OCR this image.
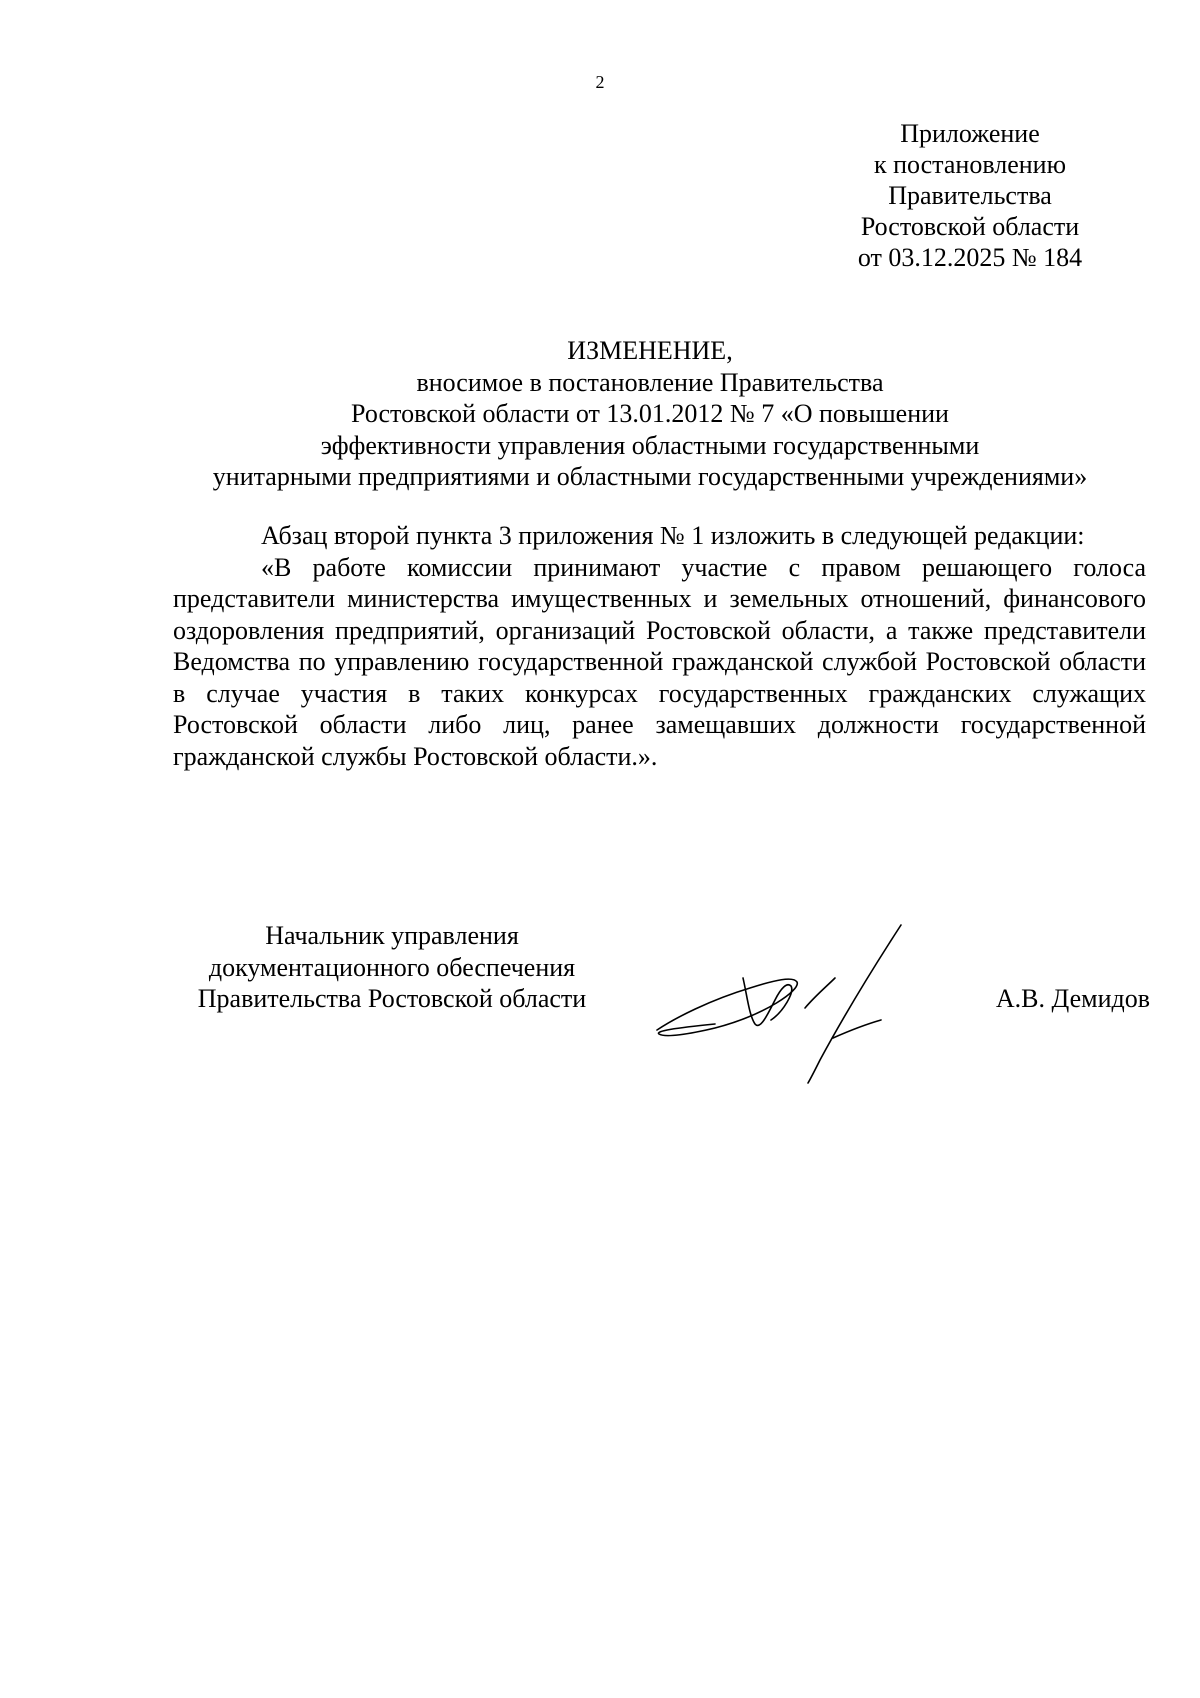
2
Приложение
к постановлению
Правительства
Ростовской области
от 03.12.2025 № 184
ИЗМЕНЕНИЕ,
вносимое в постановление Правительства
Ростовской области от 13.01.2012 № 7 «О повышении
эффективности управления областными государственными
унитарными предприятиями и областными государственными учреждениями»

Абзац второй пункта 3 приложения № 1 изложить в следующей редакции:

«В работе комиссии принимают участие с правом решающего голоса представители министерства имущественных и земельных отношений, финансового оздоровления предприятий, организаций Ростовской области, а также представители Ведомства по управлению государственной гражданской службой Ростовской области в случае участия в таких конкурсах государственных гражданских служащих Ростовской области либо лиц, ранее замещавших должности государственной гражданской службы Ростовской области.».

Начальник управления
документационного обеспечения
Правительства Ростовской области	А.В. Демидов
